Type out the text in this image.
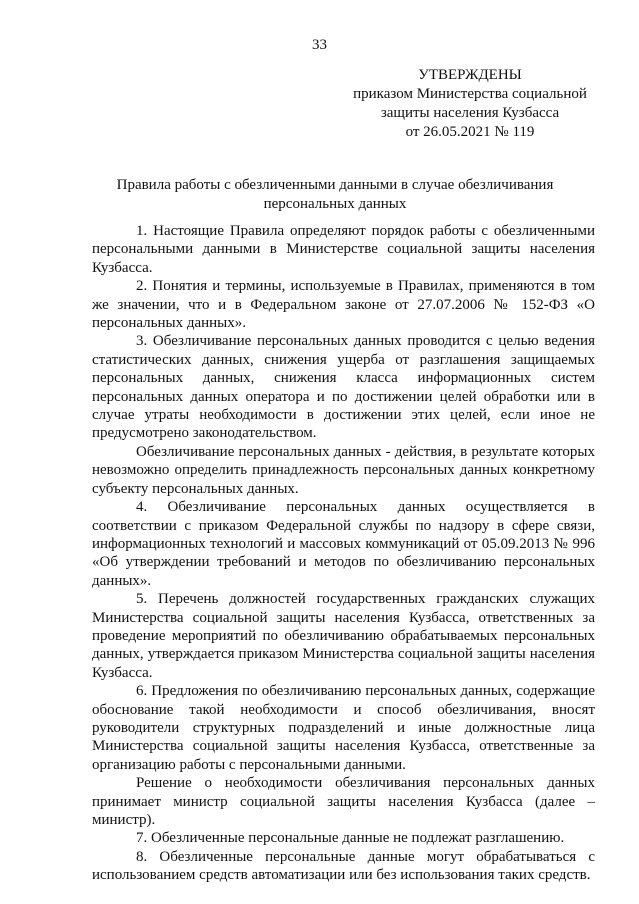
33
УТВЕРЖДЕНЫ
приказом Министерства социальной
защиты населения Кузбасса
от 26.05.2021 № 119
Правила работы с обезличенными данными в случае обезличивания
персональных данных

1. Настоящие Правила определяют порядок работы с обезличенными персональными данными в Министерстве социальной защиты населения Кузбасса.

2. Понятия и термины, используемые в Правилах, применяются в том же значении, что и в Федеральном законе от 27.07.2006 № 152-ФЗ «О персональных данных».

3. Обезличивание персональных данных проводится с целью ведения статистических данных, снижения ущерба от разглашения защищаемых персональных данных, снижения класса информационных систем персональных данных оператора и по достижении целей обработки или в случае утраты необходимости в достижении этих целей, если иное не предусмотрено законодательством.

Обезличивание персональных данных - действия, в результате которых невозможно определить принадлежность персональных данных конкретному субъекту персональных данных.

4. Обезличивание персональных данных осуществляется в соответствии с приказом Федеральной службы по надзору в сфере связи, информационных технологий и массовых коммуникаций от 05.09.2013 № 996 «Об утверждении требований и методов по обезличиванию персональных данных».

5. Перечень должностей государственных гражданских служащих Министерства социальной защиты населения Кузбасса, ответственных за проведение мероприятий по обезличиванию обрабатываемых персональных данных, утверждается приказом Министерства социальной защиты населения Кузбасса.

6. Предложения по обезличиванию персональных данных, содержащие обоснование такой необходимости и способ обезличивания, вносят руководители структурных подразделений и иные должностные лица Министерства социальной защиты населения Кузбасса, ответственные за организацию работы с персональными данными.

Решение о необходимости обезличивания персональных данных принимает министр социальной защиты населения Кузбасса (далее – министр).

7. Обезличенные персональные данные не подлежат разглашению.

8. Обезличенные персональные данные могут обрабатываться с использованием средств автоматизации или без использования таких средств.
